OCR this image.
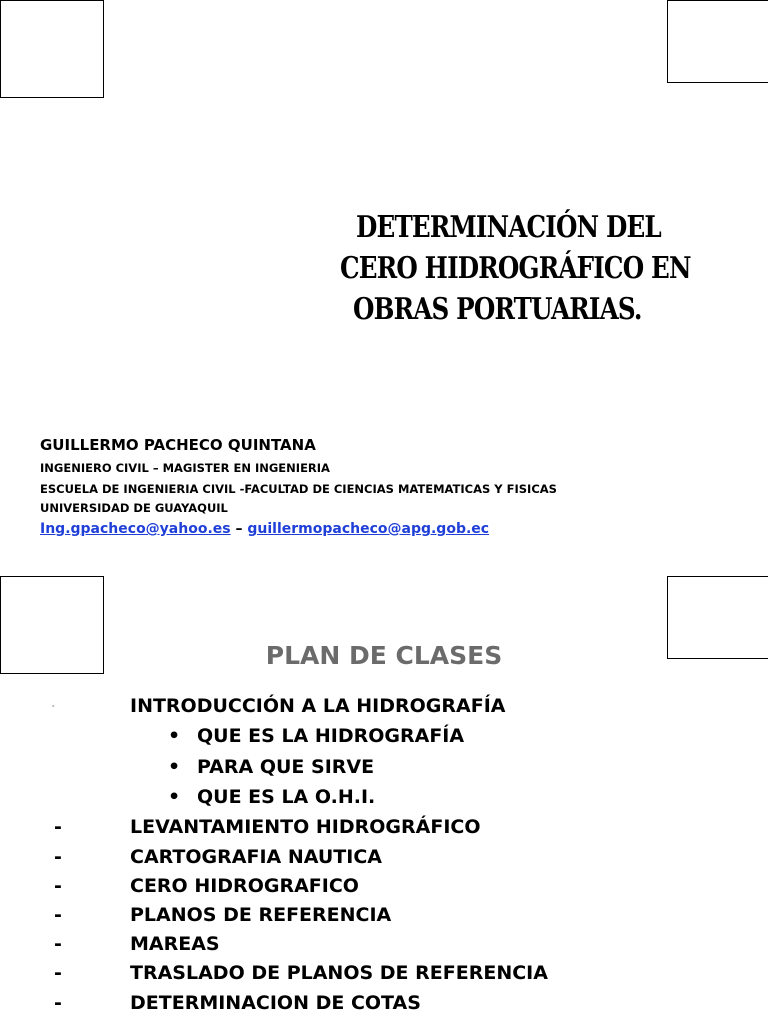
DETERMINACIÓN DEL
CERO HIDROGRÁFICO EN
OBRAS PORTUARIAS.
GUILLERMO PACHECO QUINTANA
INGENIERO CIVIL – MAGISTER EN INGENIERIA
ESCUELA DE INGENIERIA CIVIL -FACULTAD DE CIENCIAS MATEMATICAS Y FISICAS
UNIVERSIDAD DE GUAYAQUIL
Ing.gpacheco@yahoo.es – guillermopacheco@apg.gob.ec
PLAN DE CLASES
-	INTRODUCCIÓN A LA HIDROGRAFÍA
• QUE ES LA HIDROGRAFÍA
• PARA QUE SIRVE
• QUE ES LA O.H.I.
-	LEVANTAMIENTO HIDROGRÁFICO
-	CARTOGRAFIA NAUTICA
-	CERO HIDROGRAFICO
-	PLANOS DE REFERENCIA
-	MAREAS
-	TRASLADO DE PLANOS DE REFERENCIA
-	DETERMINACION DE COTAS
